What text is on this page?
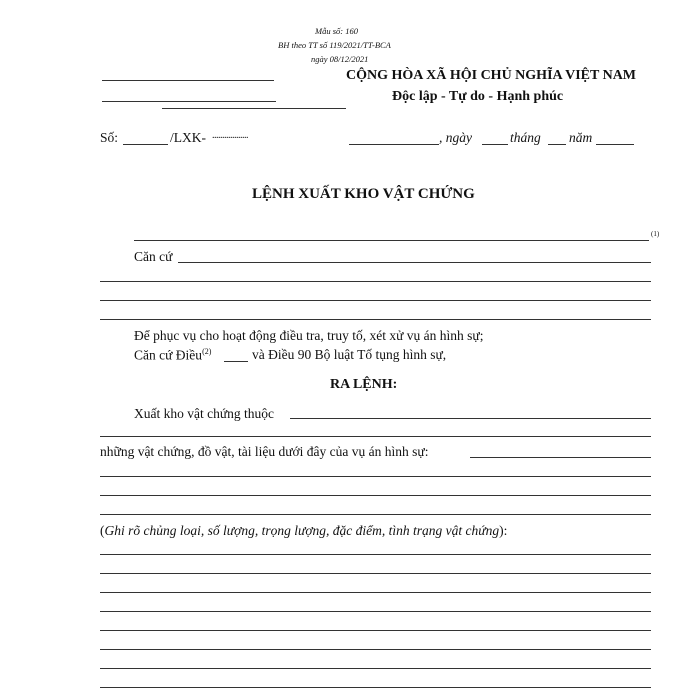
Mẫu số: 160
BH theo TT số 119/2021/TT-BCA
ngày 08/12/2021
CỘNG HÒA XÃ HỘI CHỦ NGHĨA VIỆT NAM
Độc lập - Tự do - Hạnh phúc
Số:	/LXK- ..................	, ngày	tháng năm
LỆNH XUẤT KHO VẬT CHỨNG
(1)
Căn cứ
Để phục vụ cho hoạt động điều tra, truy tố, xét xử vụ án hình sự;
Căn cứ Điều$^{(2)}$	và Điều 90 Bộ luật Tố tụng hình sự,
RA LỆNH:
Xuất kho vật chứng thuộc
những vật chứng, đồ vật, tài liệu dưới đây của vụ án hình sự:
(Ghi rõ chủng loại, số lượng, trọng lượng, đặc điểm, tình trạng vật chứng):
